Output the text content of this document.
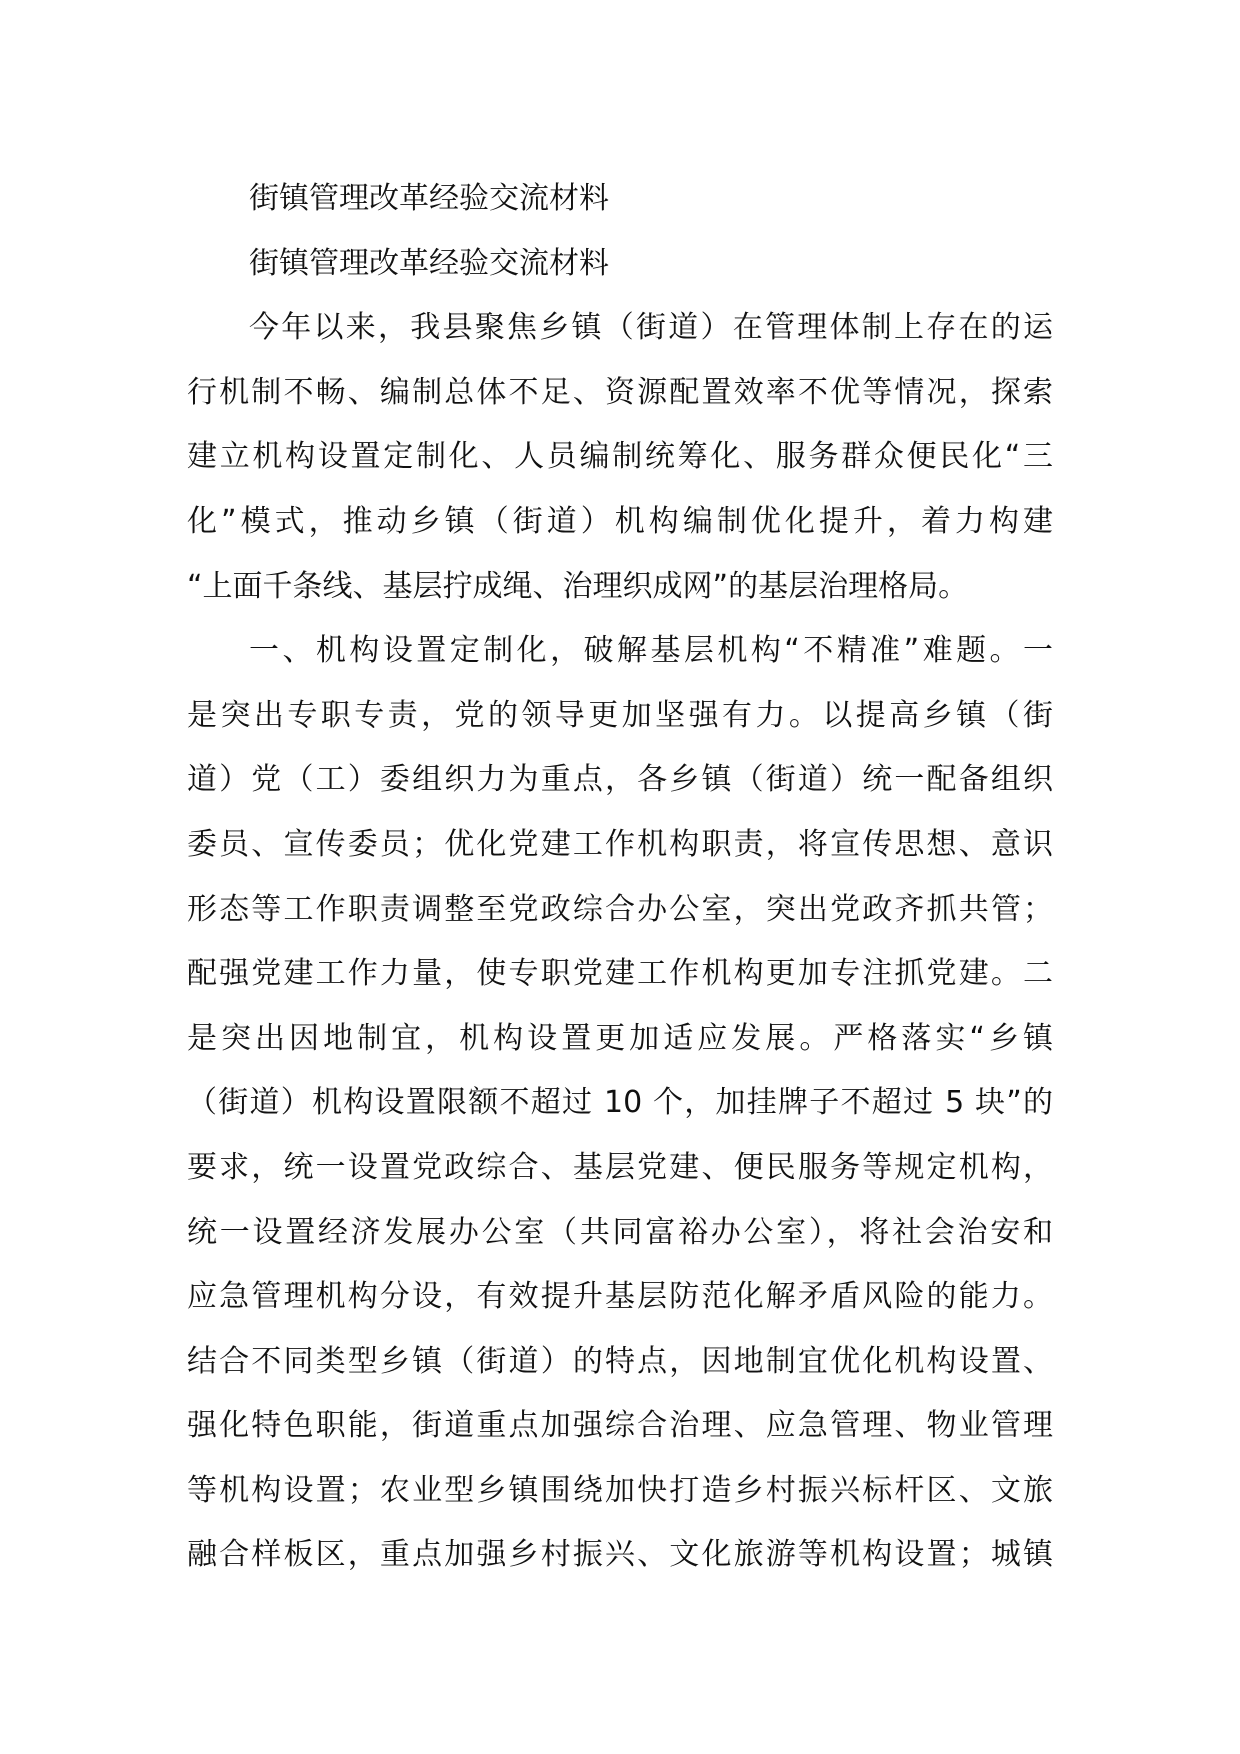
街镇管理改革经验交流材料
街镇管理改革经验交流材料
今年以来，我县聚焦乡镇（街道）在管理体制上存在的运
行机制不畅、编制总体不足、资源配置效率不优等情况，探索
建立机构设置定制化、人员编制统筹化、服务群众便民化“三
化”模式，推动乡镇（街道）机构编制优化提升，着力构建
“上面千条线、基层拧成绳、治理织成网”的基层治理格局。
一、机构设置定制化，破解基层机构“不精准”难题。一
是突出专职专责，党的领导更加坚强有力。以提高乡镇（街
道）党（工）委组织力为重点，各乡镇（街道）统一配备组织
委员、宣传委员；优化党建工作机构职责，将宣传思想、意识
形态等工作职责调整至党政综合办公室，突出党政齐抓共管；
配强党建工作力量，使专职党建工作机构更加专注抓党建。二
是突出因地制宜，机构设置更加适应发展。严格落实“乡镇
（街道）机构设置限额不超过 10 个，加挂牌子不超过 5 块”的
要求，统一设置党政综合、基层党建、便民服务等规定机构，
统一设置经济发展办公室（共同富裕办公室），将社会治安和
应急管理机构分设，有效提升基层防范化解矛盾风险的能力。
结合不同类型乡镇（街道）的特点，因地制宜优化机构设置、
强化特色职能，街道重点加强综合治理、应急管理、物业管理
等机构设置；农业型乡镇围绕加快打造乡村振兴标杆区、文旅
融合样板区，重点加强乡村振兴、文化旅游等机构设置；城镇
